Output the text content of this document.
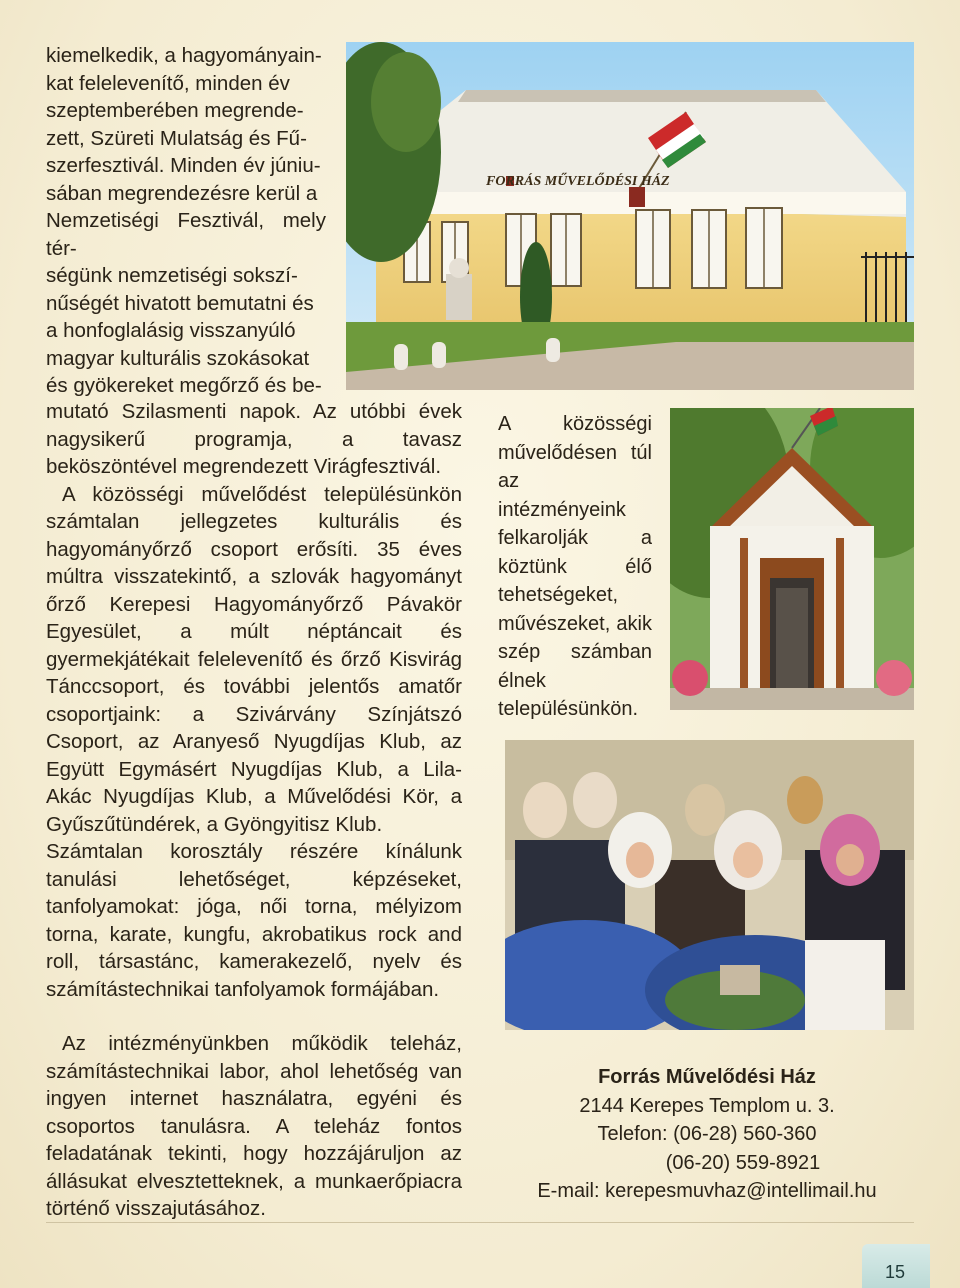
kiemelkedik, a hagyományain-

kat felelevenítő, minden év

szeptemberében megrende-

zett, Szüreti Mulatság és Fű-

szerfesztivál. Minden év júniu-

sában megrendezésre kerül a

Nemzetiségi Fesztivál, mely tér-

ségünk nemzetiségi sokszí-

nűségét hivatott bemutatni és

a honfoglalásig visszanyúló

magyar kulturális szokásokat

és gyökereket megőrző és be-

mutató Szilasmenti napok. Az utóbbi évek nagysikerű programja, a tavasz beköszöntével megrendezett Virágfesztivál.

A közösségi művelődést településünkön számtalan jellegzetes kulturális és hagyományőrző csoport erősíti. 35 éves múltra visszatekintő, a szlovák hagyományt őrző Kerepesi Hagyományőrző Pávakör Egyesület, a múlt néptáncait és gyermekjátékait felelevenítő és őrző Kisvirág Tánccsoport, és további jelentős amatőr csoportjaink: a Szivárvány Színjátszó Csoport, az Aranyeső Nyugdíjas Klub, az Együtt Egymásért Nyugdíjas Klub, a Lila-Akác Nyugdíjas Klub, a Művelődési Kör, a Gyűszűtündérek, a Gyöngyitisz Klub.

Számtalan korosztály részére kínálunk tanulási lehetőséget, képzéseket, tanfolyamokat: jóga, női torna, mélyizom torna, karate, kungfu, akrobatikus rock and roll, társastánc, kamerakezelő, nyelv és számítástechnikai tanfolyamok formájában.

Az intézményünkben működik teleház, számítástechnikai labor, ahol lehetőség van ingyen internet használatra, egyéni és csoportos tanulásra. A teleház fontos feladatának tekinti, hogy hozzájáruljon az állásukat elvesztetteknek, a munkaerőpiacra történő visszajutásához.

FORRÁS MŰVELŐDÉSI HÁZ
A közösségi művelődésen túl az intézményeink felkarolják a köztünk élő tehetségeket, művészeket, akik szép számban élnek településünkön.
Forrás Művelődési Ház
2144 Kerepes Templom u. 3.
Telefon: (06-28) 560-360
(06-20) 559-8921
E-mail: kerepesmuvhaz@intellimail.hu
15
